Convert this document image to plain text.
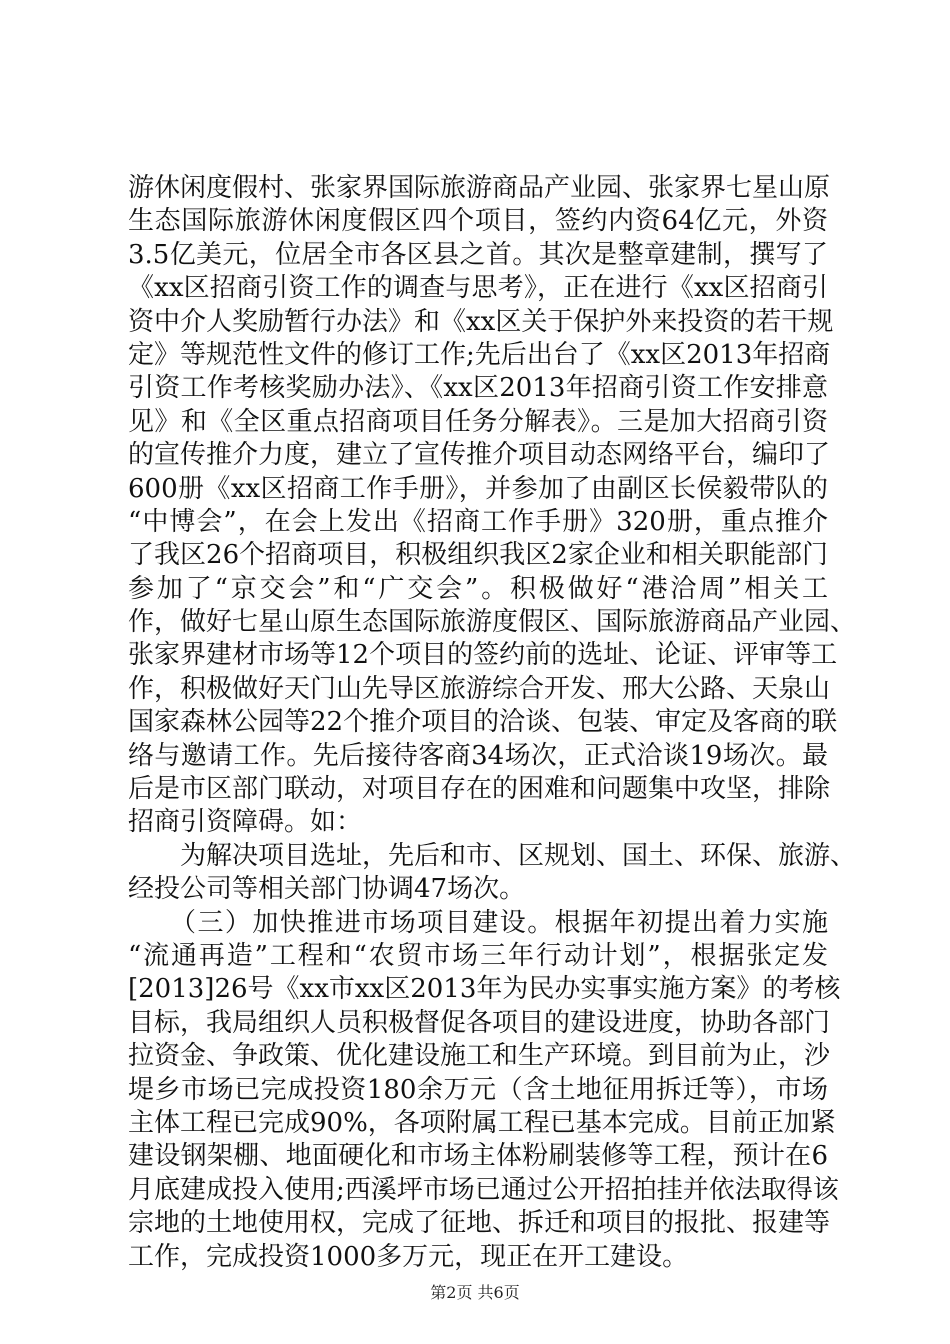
游休闲度假村、张家界国际旅游商品产业园、张家界七星山原
生态国际旅游休闲度假区四个项目，签约内资64亿元，外资
3.5亿美元，位居全市各区县之首。其次是整章建制，撰写了
《xx区招商引资工作的调查与思考》，正在进行《xx区招商引
资中介人奖励暂行办法》和《xx区关于保护外来投资的若干规
定》等规范性文件的修订工作;先后出台了《xx区2013年招商
引资工作考核奖励办法》、《xx区2013年招商引资工作安排意
见》和《全区重点招商项目任务分解表》。三是加大招商引资
的宣传推介力度，建立了宣传推介项目动态网络平台，编印了
600册《xx区招商工作手册》，并参加了由副区长侯毅带队的
“中博会”，在会上发出《招商工作手册》320册，重点推介
了我区26个招商项目，积极组织我区2家企业和相关职能部门
参加了“京交会”和“广交会”。积极做好“港洽周”相关工
作，做好七星山原生态国际旅游度假区、国际旅游商品产业园、
张家界建材市场等12个项目的签约前的选址、论证、评审等工
作，积极做好天门山先导区旅游综合开发、邢大公路、天泉山
国家森林公园等22个推介项目的洽谈、包装、审定及客商的联
络与邀请工作。先后接待客商34场次，正式洽谈19场次。最
后是市区部门联动，对项目存在的困难和问题集中攻坚，排除
招商引资障碍。如：
　　为解决项目选址，先后和市、区规划、国土、环保、旅游、
经投公司等相关部门协调47场次。
　　（三）加快推进市场项目建设。根据年初提出着力实施
“流通再造”工程和“农贸市场三年行动计划”，根据张定发
[2013]26号《xx市xx区2013年为民办实事实施方案》的考核
目标，我局组织人员积极督促各项目的建设进度，协助各部门
拉资金、争政策、优化建设施工和生产环境。到目前为止，沙
堤乡市场已完成投资180余万元（含土地征用拆迁等），市场
主体工程已完成90%，各项附属工程已基本完成。目前正加紧
建设钢架棚、地面硬化和市场主体粉刷装修等工程，预计在6
月底建成投入使用;西溪坪市场已通过公开招拍挂并依法取得该
宗地的土地使用权，完成了征地、拆迁和项目的报批、报建等
工作，完成投资1000多万元，现正在开工建设。
第2页 共6页
